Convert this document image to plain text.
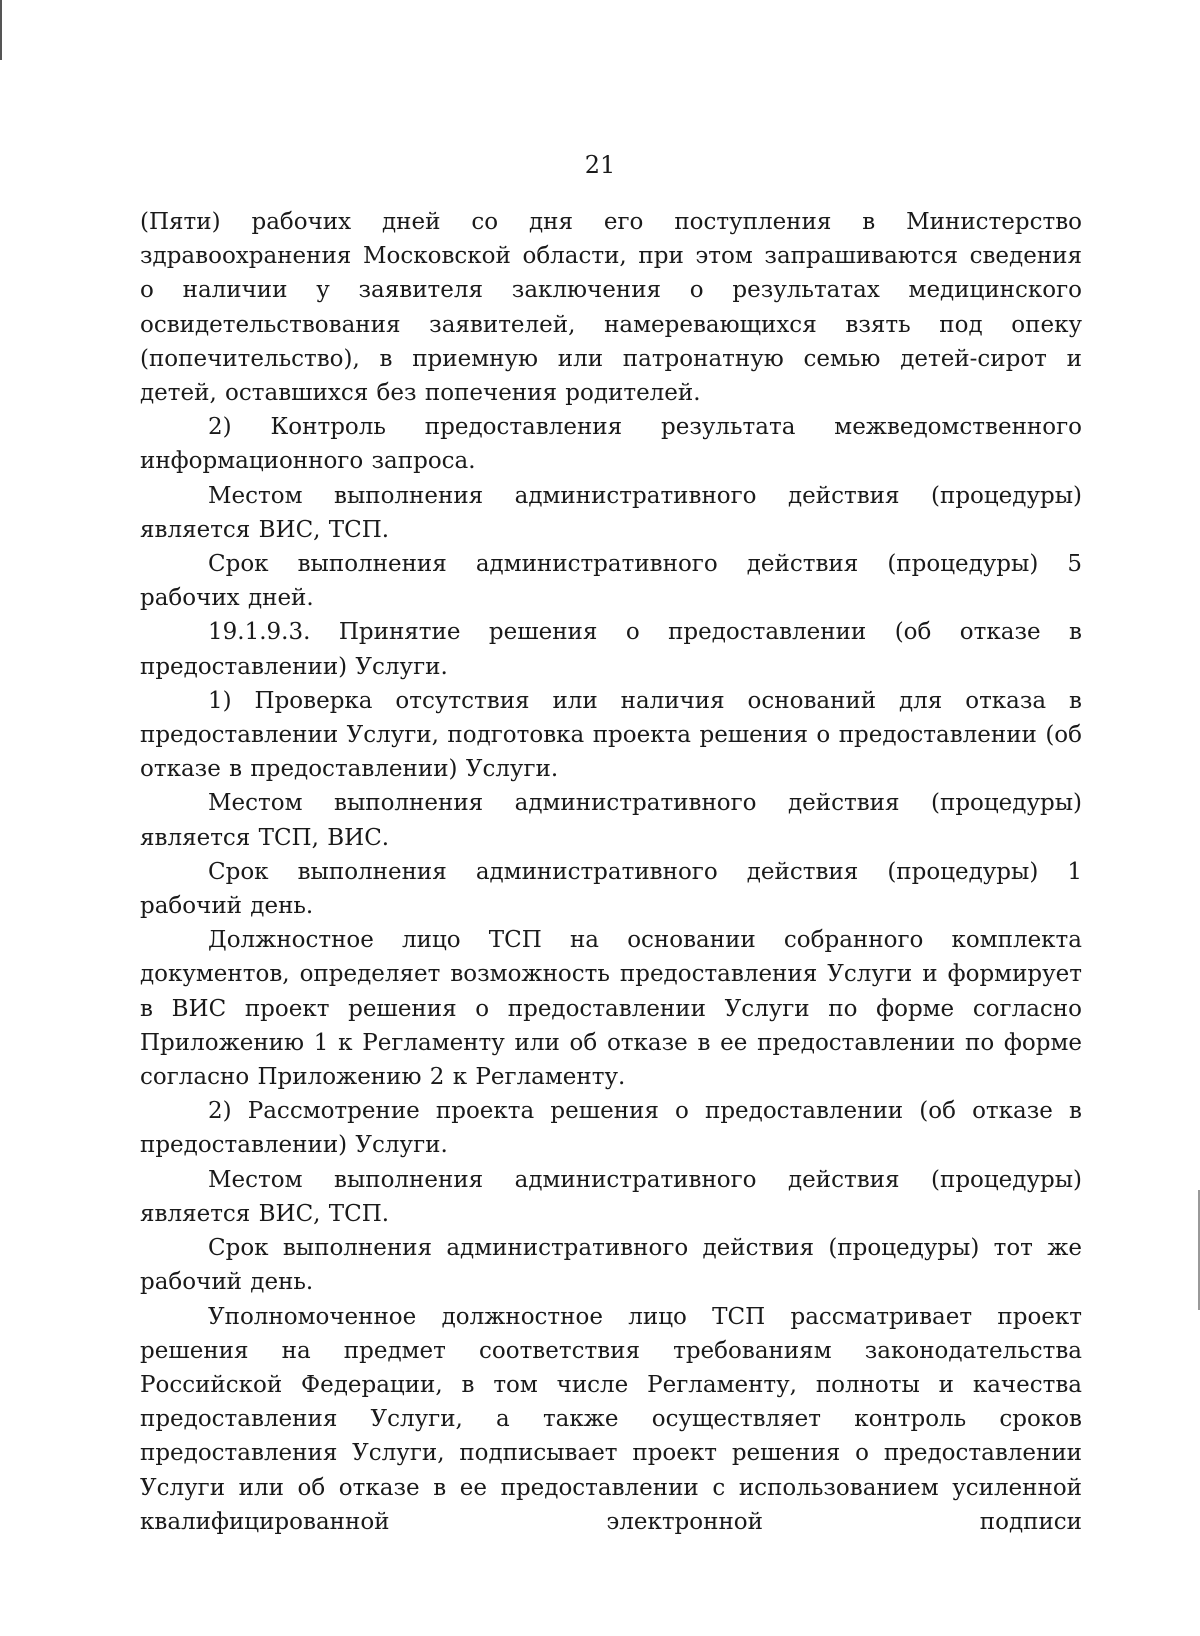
21

(Пяти) рабочих дней со дня его поступления в Министерство здравоохранения Московской области, при этом запрашиваются сведения о наличии у заявителя заключения о результатах медицинского освидетельствования заявителей, намеревающихся взять под опеку (попечительство), в приемную или патронатную семью детей-сирот и детей, оставшихся без попечения родителей.

2) Контроль предоставления результата межведомственного информационного запроса.

Местом выполнения административного действия (процедуры) является ВИС, ТСП.

Срок выполнения административного действия (процедуры) 5 рабочих дней.

19.1.9.3. Принятие решения о предоставлении (об отказе в предоставлении) Услуги.

1) Проверка отсутствия или наличия оснований для отказа в предоставлении Услуги, подготовка проекта решения о предоставлении (об отказе в предоставлении) Услуги.

Местом выполнения административного действия (процедуры) является ТСП, ВИС.

Срок выполнения административного действия (процедуры) 1 рабочий день.

Должностное лицо ТСП на основании собранного комплекта документов, определяет возможность предоставления Услуги и формирует в ВИС проект решения о предоставлении Услуги по форме согласно Приложению 1 к Регламенту или об отказе в ее предоставлении по форме согласно Приложению 2 к Регламенту.

2) Рассмотрение проекта решения о предоставлении (об отказе в предоставлении) Услуги.

Местом выполнения административного действия (процедуры) является ВИС, ТСП.

Срок выполнения административного действия (процедуры) тот же рабочий день.

Уполномоченное должностное лицо ТСП рассматривает проект решения на предмет соответствия требованиям законодательства Российской Федерации, в том числе Регламенту, полноты и качества предоставления Услуги, а также осуществляет контроль сроков предоставления Услуги, подписывает проект решения о предоставлении Услуги или об отказе в ее предоставлении с использованием усиленной квалифицированной электронной подписи
